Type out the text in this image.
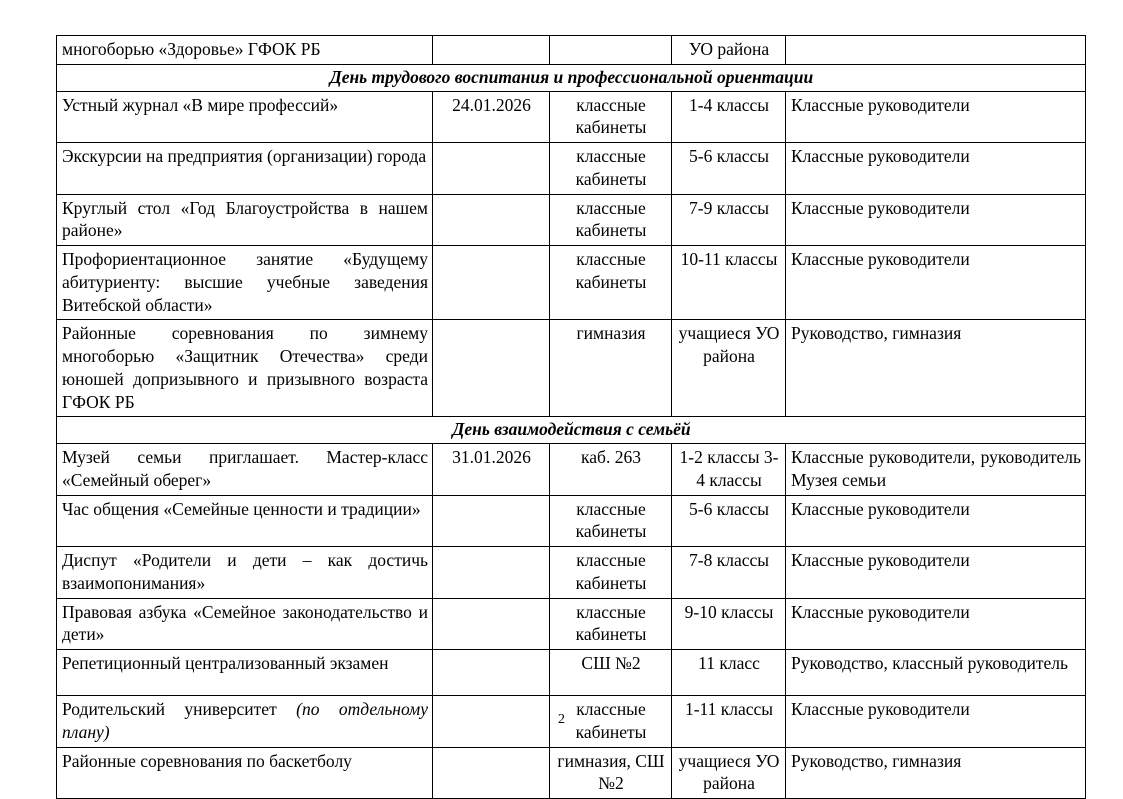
многоборью «Здоровье» ГФОК РБ			УО района	
День трудового воспитания и профессиональной ориентации				
Устный журнал «В мире профессий»	24.01.2026	классные кабинеты	1-4 классы	Классные руководители
Экскурсии на предприятия (организации) города		классные кабинеты	5-6 классы	Классные руководители
Круглый стол «Год Благоустройства в нашем районе»		классные кабинеты	7-9 классы	Классные руководители
Профориентационное занятие «Будущему абитуриенту: высшие учебные заведения Витебской области»		классные кабинеты	10-11 классы	Классные руководители
Районные соревнования по зимнему многоборью «Защитник Отечества» среди юношей допризывного и призывного возраста ГФОК РБ		гимназия	учащиеся УО района	Руководство, гимназия
День взаимодействия с семьёй				
Музей семьи приглашает. Мастер-класс «Семейный оберег»	31.01.2026	каб. 263	1-2 классы 3-4 классы	Классные руководители, руководитель Музея семьи
Час общения «Семейные ценности и традиции»		классные кабинеты	5-6 классы	Классные руководители
Диспут «Родители и дети – как достичь взаимопонимания»		классные кабинеты	7-8 классы	Классные руководители
Правовая азбука «Семейное законодательство и дети»		классные кабинеты	9-10 классы	Классные руководители
Репетиционный централизованный экзамен		СШ №2	11 класс	Руководство, классный руководитель
Родительский университет (по отдельному плану)		классные кабинеты	1-11 классы	Классные руководители
Районные соревнования по баскетболу		гимназия, СШ №2	учащиеся УО района	Руководство, гимназия
2
